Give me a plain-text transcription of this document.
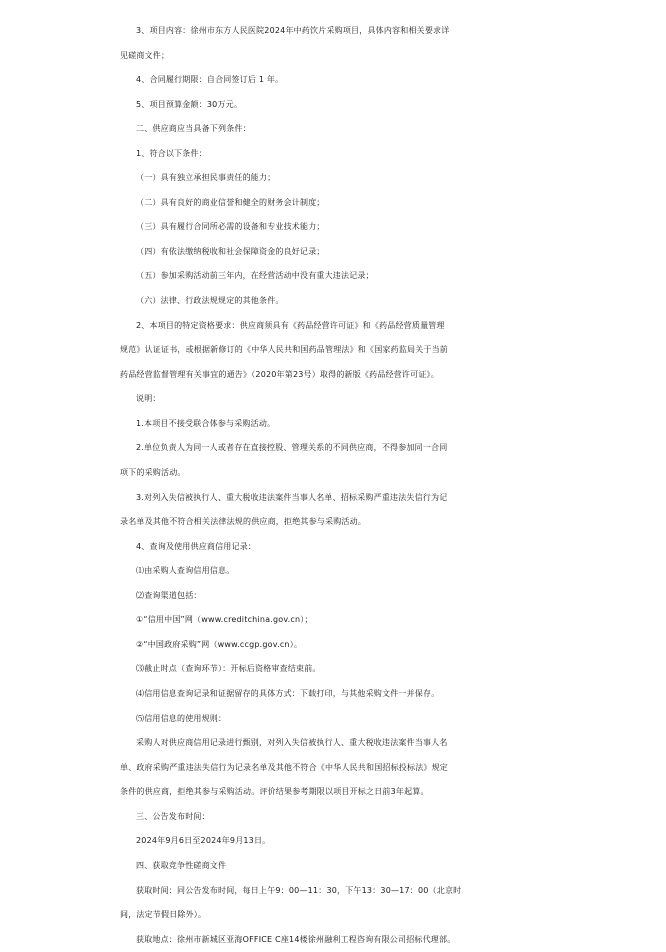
3、项目内容：徐州市东方人民医院2024年中药饮片采购项目，具体内容和相关要求详
见磋商文件；
4、合同履行期限：自合同签订后 1 年。
5、项目预算金额：30万元。
二、供应商应当具备下列条件：
1、符合以下条件：
（一）具有独立承担民事责任的能力；
（二）具有良好的商业信誉和健全的财务会计制度；
（三）具有履行合同所必需的设备和专业技术能力；
（四）有依法缴纳税收和社会保障资金的良好记录；
（五）参加采购活动前三年内，在经营活动中没有重大违法记录；
（六）法律、行政法规规定的其他条件。
2、本项目的特定资格要求：供应商须具有《药品经营许可证》和《药品经营质量管理
规范》认证证书，或根据新修订的《中华人民共和国药品管理法》和《国家药监局关于当前
药品经营监督管理有关事宜的通告》（2020年第23号）取得的新版《药品经营许可证》。
说明：
1.本项目不接受联合体参与采购活动。
2.单位负责人为同一人或者存在直接控股、管理关系的不同供应商，不得参加同一合同
项下的采购活动。
3.对列入失信被执行人、重大税收违法案件当事人名单、招标采购严重违法失信行为记
录名单及其他不符合相关法律法规的供应商，拒绝其参与采购活动。
4、查询及使用供应商信用记录：
⑴由采购人查询信用信息。
⑵查询渠道包括：
①“信用中国”网（www.creditchina.gov.cn）；
②“中国政府采购”网（www.ccgp.gov.cn）。
⑶截止时点（查询环节）：开标后资格审查结束前。
⑷信用信息查询记录和证据留存的具体方式：下载打印，与其他采购文件一并保存。
⑸信用信息的使用规则：
采购人对供应商信用记录进行甄别，对列入失信被执行人、重大税收违法案件当事人名
单、政府采购严重违法失信行为记录名单及其他不符合《中华人民共和国招标投标法》规定
条件的供应商，拒绝其参与采购活动。评价结果参考期限以项目开标之日前3年起算。
三、公告发布时间：
2024年9月6日至2024年9月13日。
四、获取竞争性磋商文件
获取时间：同公告发布时间，每日上午9：00—11：30，下午13：30—17：00（北京时
间，法定节假日除外）。
获取地点：徐州市新城区亚海OFFICE C座14楼徐州融利工程咨询有限公司招标代理部。
